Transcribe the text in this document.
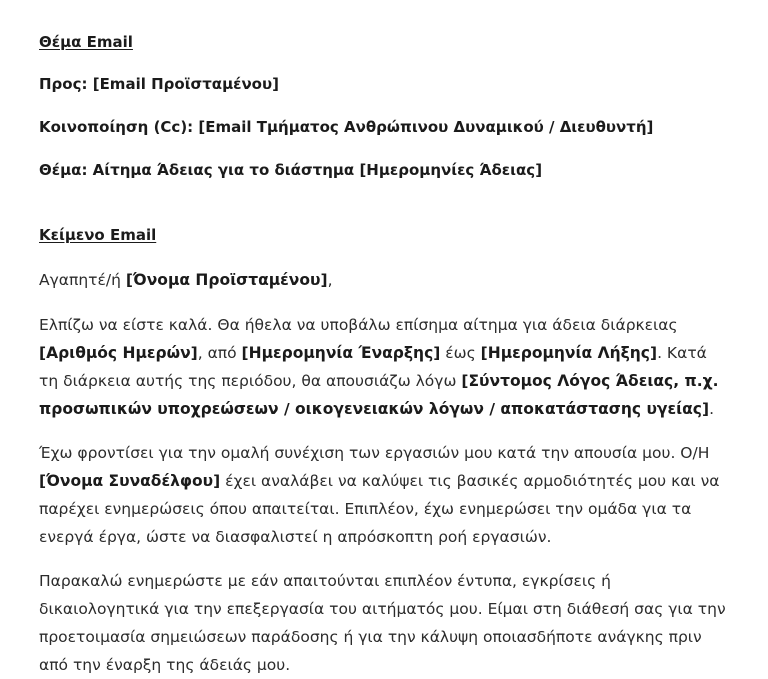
Θέμα Email
Προς: [Email Προϊσταμένου]
Κοινοποίηση (Cc): [Email Τμήματος Ανθρώπινου Δυναμικού / Διευθυντή]
Θέμα: Αίτημα Άδειας για το διάστημα [Ημερομηνίες Άδειας]
Κείμενο Email

Αγαπητέ/ή [Όνομα Προϊσταμένου],

Ελπίζω να είστε καλά. Θα ήθελα να υποβάλω επίσημα αίτημα για άδεια διάρκειας [Αριθμός Ημερών], από [Ημερομηνία Έναρξης] έως [Ημερομηνία Λήξης]. Κατά τη διάρκεια αυτής της περιόδου, θα απουσιάζω λόγω [Σύντομος Λόγος Άδειας, π.χ. προσωπικών υποχρεώσεων / οικογενειακών λόγων / αποκατάστασης υγείας].

Έχω φροντίσει για την ομαλή συνέχιση των εργασιών μου κατά την απουσία μου. Ο/Η [Όνομα Συναδέλφου] έχει αναλάβει να καλύψει τις βασικές αρμοδιότητές μου και να παρέχει ενημερώσεις όπου απαιτείται. Επιπλέον, έχω ενημερώσει την ομάδα για τα ενεργά έργα, ώστε να διασφαλιστεί η απρόσκοπτη ροή εργασιών.

Παρακαλώ ενημερώστε με εάν απαιτούνται επιπλέον έντυπα, εγκρίσεις ή δικαιολογητικά για την επεξεργασία του αιτήματός μου. Είμαι στη διάθεσή σας για την προετοιμασία σημειώσεων παράδοσης ή για την κάλυψη οποιασδήποτε ανάγκης πριν από την έναρξη της άδειάς μου.
